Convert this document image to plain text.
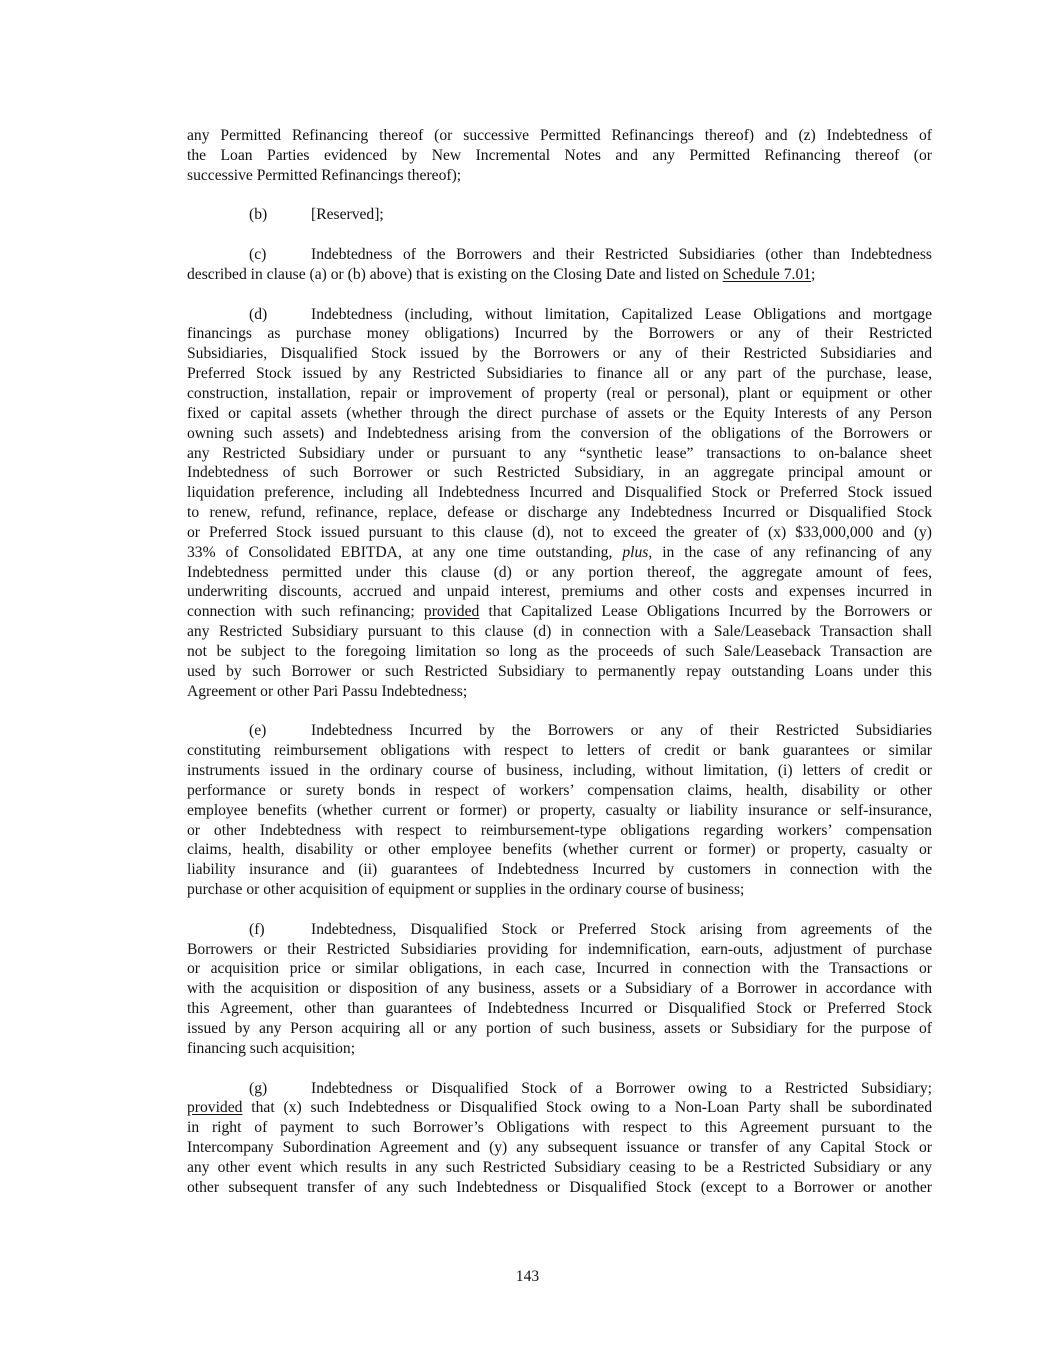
any Permitted Refinancing thereof (or successive Permitted Refinancings thereof) and (z) Indebtedness of
the Loan Parties evidenced by New Incremental Notes and any Permitted Refinancing thereof (or
successive Permitted Refinancings thereof);
(b)	[Reserved];
(c)	Indebtedness of the Borrowers and their Restricted Subsidiaries (other than Indebtedness
described in clause (a) or (b) above) that is existing on the Closing Date and listed on Schedule 7.01;
(d)	Indebtedness (including, without limitation, Capitalized Lease Obligations and mortgage
financings as purchase money obligations) Incurred by the Borrowers or any of their Restricted
Subsidiaries, Disqualified Stock issued by the Borrowers or any of their Restricted Subsidiaries and
Preferred Stock issued by any Restricted Subsidiaries to finance all or any part of the purchase, lease,
construction, installation, repair or improvement of property (real or personal), plant or equipment or other
fixed or capital assets (whether through the direct purchase of assets or the Equity Interests of any Person
owning such assets) and Indebtedness arising from the conversion of the obligations of the Borrowers or
any Restricted Subsidiary under or pursuant to any “synthetic lease” transactions to on-balance sheet
Indebtedness of such Borrower or such Restricted Subsidiary, in an aggregate principal amount or
liquidation preference, including all Indebtedness Incurred and Disqualified Stock or Preferred Stock issued
to renew, refund, refinance, replace, defease or discharge any Indebtedness Incurred or Disqualified Stock
or Preferred Stock issued pursuant to this clause (d), not to exceed the greater of (x) $33,000,000 and (y)
33% of Consolidated EBITDA, at any one time outstanding, plus, in the case of any refinancing of any
Indebtedness permitted under this clause (d) or any portion thereof, the aggregate amount of fees,
underwriting discounts, accrued and unpaid interest, premiums and other costs and expenses incurred in
connection with such refinancing; provided that Capitalized Lease Obligations Incurred by the Borrowers or
any Restricted Subsidiary pursuant to this clause (d) in connection with a Sale/Leaseback Transaction shall
not be subject to the foregoing limitation so long as the proceeds of such Sale/Leaseback Transaction are
used by such Borrower or such Restricted Subsidiary to permanently repay outstanding Loans under this
Agreement or other Pari Passu Indebtedness;
(e)	Indebtedness Incurred by the Borrowers or any of their Restricted Subsidiaries
constituting reimbursement obligations with respect to letters of credit or bank guarantees or similar
instruments issued in the ordinary course of business, including, without limitation, (i) letters of credit or
performance or surety bonds in respect of workers’ compensation claims, health, disability or other
employee benefits (whether current or former) or property, casualty or liability insurance or self-insurance,
or other Indebtedness with respect to reimbursement-type obligations regarding workers’ compensation
claims, health, disability or other employee benefits (whether current or former) or property, casualty or
liability insurance and (ii) guarantees of Indebtedness Incurred by customers in connection with the
purchase or other acquisition of equipment or supplies in the ordinary course of business;
(f)	Indebtedness, Disqualified Stock or Preferred Stock arising from agreements of the
Borrowers or their Restricted Subsidiaries providing for indemnification, earn-outs, adjustment of purchase
or acquisition price or similar obligations, in each case, Incurred in connection with the Transactions or
with the acquisition or disposition of any business, assets or a Subsidiary of a Borrower in accordance with
this Agreement, other than guarantees of Indebtedness Incurred or Disqualified Stock or Preferred Stock
issued by any Person acquiring all or any portion of such business, assets or Subsidiary for the purpose of
financing such acquisition;
(g)	Indebtedness or Disqualified Stock of a Borrower owing to a Restricted Subsidiary;
provided that (x) such Indebtedness or Disqualified Stock owing to a Non-Loan Party shall be subordinated
in right of payment to such Borrower’s Obligations with respect to this Agreement pursuant to the
Intercompany Subordination Agreement and (y) any subsequent issuance or transfer of any Capital Stock or
any other event which results in any such Restricted Subsidiary ceasing to be a Restricted Subsidiary or any
other subsequent transfer of any such Indebtedness or Disqualified Stock (except to a Borrower or another
143
